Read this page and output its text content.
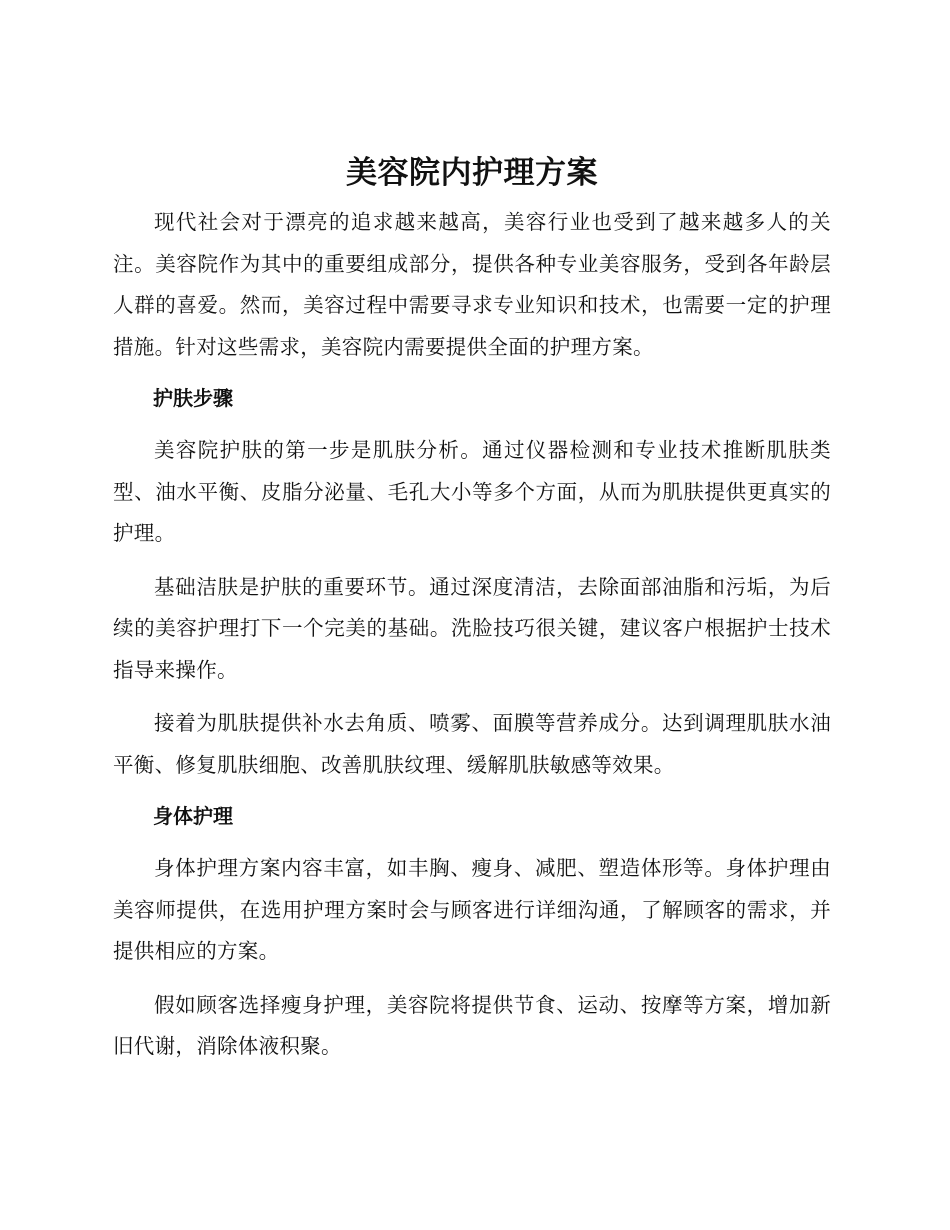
美容院内护理方案

现代社会对于漂亮的追求越来越高，美容行业也受到了越来越多人的关注。美容院作为其中的重要组成部分，提供各种专业美容服务，受到各年龄层人群的喜爱。然而，美容过程中需要寻求专业知识和技术，也需要一定的护理措施。针对这些需求，美容院内需要提供全面的护理方案。

护肤步骤

美容院护肤的第一步是肌肤分析。通过仪器检测和专业技术推断肌肤类型、油水平衡、皮脂分泌量、毛孔大小等多个方面，从而为肌肤提供更真实的护理。

基础洁肤是护肤的重要环节。通过深度清洁，去除面部油脂和污垢，为后续的美容护理打下一个完美的基础。洗脸技巧很关键，建议客户根据护士技术指导来操作。

接着为肌肤提供补水去角质、喷雾、面膜等营养成分。达到调理肌肤水油平衡、修复肌肤细胞、改善肌肤纹理、缓解肌肤敏感等效果。

身体护理

身体护理方案内容丰富，如丰胸、瘦身、减肥、塑造体形等。身体护理由美容师提供，在选用护理方案时会与顾客进行详细沟通，了解顾客的需求，并提供相应的方案。

假如顾客选择瘦身护理，美容院将提供节食、运动、按摩等方案，增加新旧代谢，消除体液积聚。
